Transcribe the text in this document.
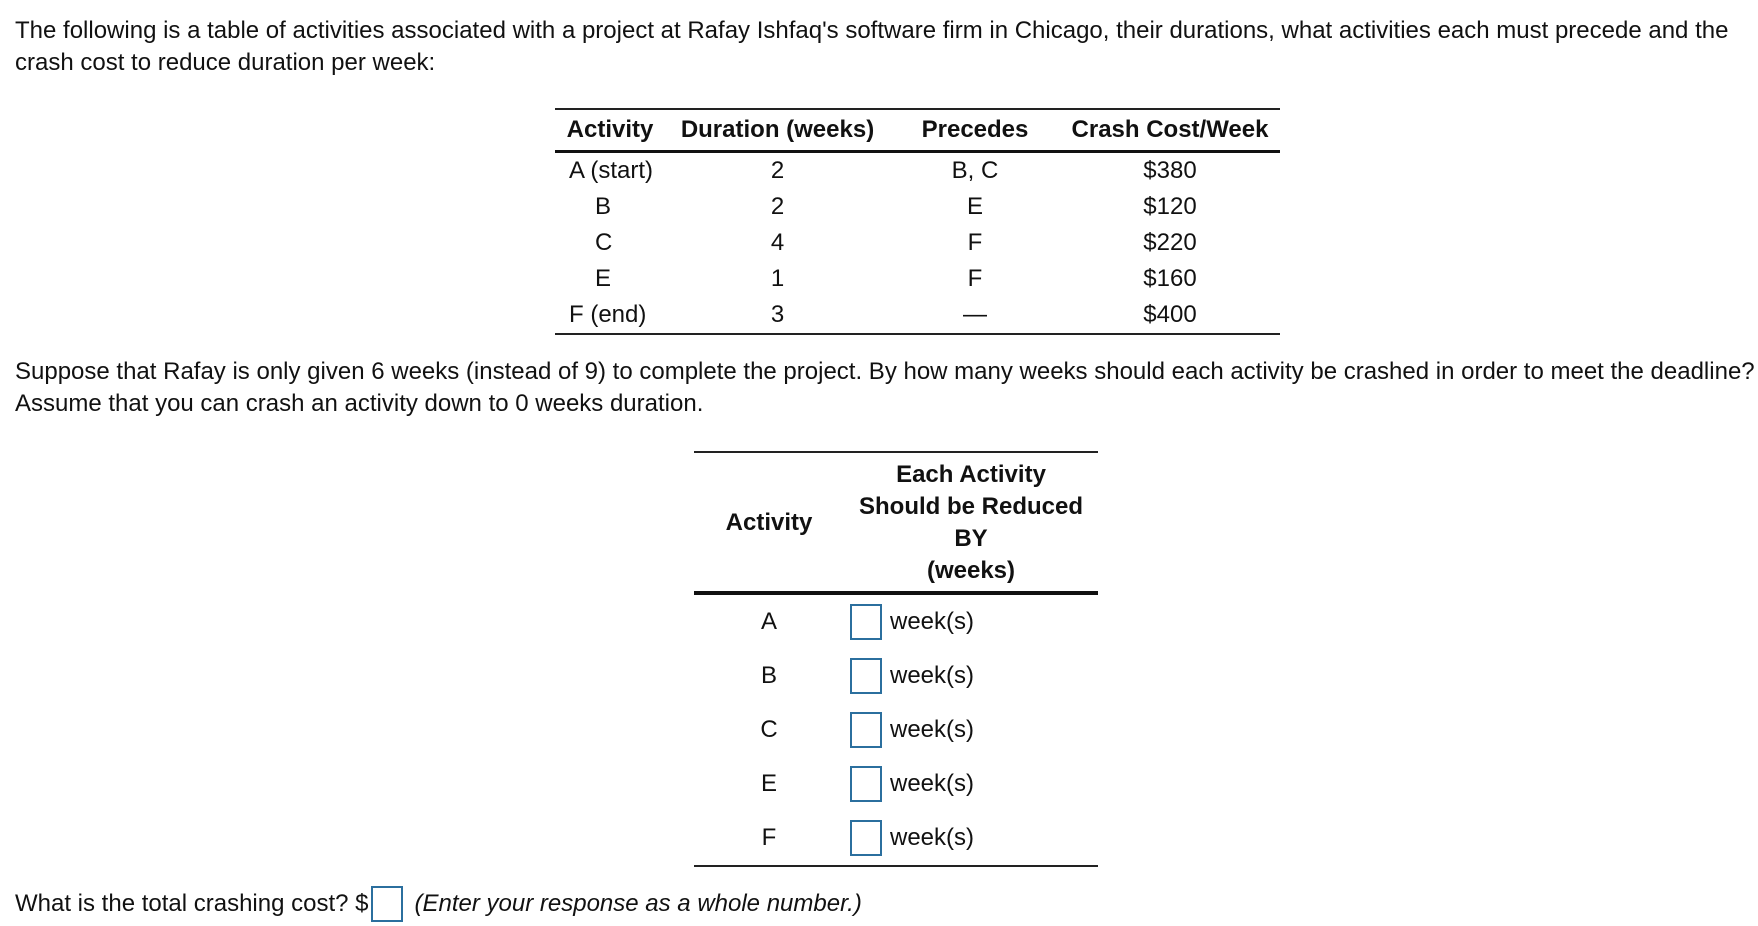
The following is a table of activities associated with a project at Rafay Ishfaq's software firm in Chicago, their durations, what activities each must precede and the crash cost to reduce duration per week:

Activity	Duration (weeks)	Precedes	Crash Cost/Week
A (start)	2	B, C	$380
B	2	E	$120
C	4	F	$220
E	1	F	$160
F (end)	3	—	$400

Suppose that Rafay is only given 6 weeks (instead of 9) to complete the project. By how many weeks should each activity be crashed in order to meet the deadline? Assume that you can crash an activity down to 0 weeks duration.

Activity	Each Activity
Should be Reduced
BY
(weeks)

A	week(s)

B	week(s)

C	week(s)

E	week(s)

F	week(s)
What is the total crashing cost? $ (Enter your response as a whole number.)
